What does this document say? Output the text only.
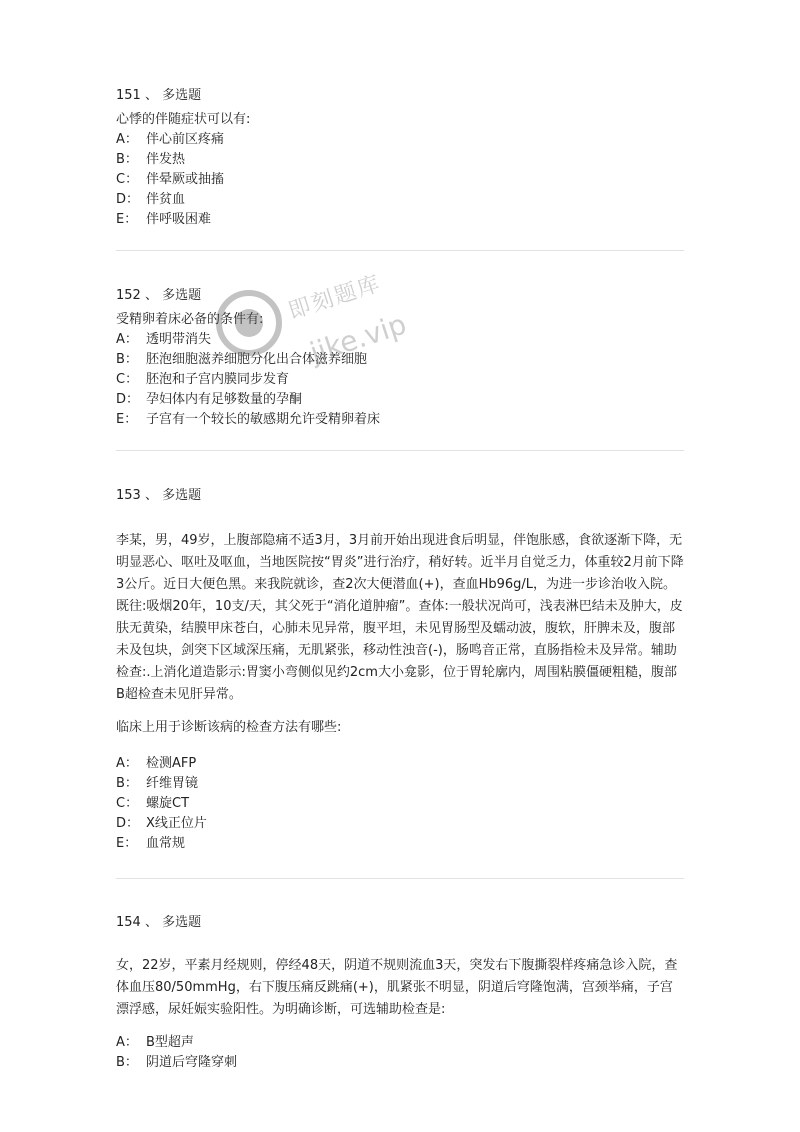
151 、 多选题

心悸的伴随症状可以有:

A： 伴心前区疼痛
B： 伴发热
C： 伴晕厥或抽搐
D： 伴贫血
E： 伴呼吸困难

152 、 多选题

受精卵着床必备的条件有:

A： 透明带消失
B： 胚泡细胞滋养细胞分化出合体滋养细胞
C： 胚泡和子宫内膜同步发育
D： 孕妇体内有足够数量的孕酮
E： 子宫有一个较长的敏感期允许受精卵着床
即刻题库
jike.vip

153 、 多选题

李某，男，49岁，上腹部隐痛不适3月，3月前开始出现进食后明显，伴饱胀感，食欲逐渐下降，无明显恶心、呕吐及呕血，当地医院按“胃炎”进行治疗，稍好转。近半月自觉乏力，体重较2月前下降3公斤。近日大便色黑。来我院就诊，查2次大便潜血(+)，查血Hb96g/L，为进一步诊治收入院。既往:吸烟20年，10支/天，其父死于“消化道肿瘤”。查体:一般状况尚可，浅表淋巴结未及肿大，皮肤无黄染，结膜甲床苍白，心肺未见异常，腹平坦，未见胃肠型及蠕动波，腹软，肝脾未及，腹部未及包块，剑突下区域深压痛，无肌紧张，移动性浊音(-)，肠鸣音正常，直肠指检未及异常。辅助检查:.上消化道造影示:胃窦小弯侧似见约2cm大小龛影，位于胃轮廓内，周围粘膜僵硬粗糙，腹部B超检查未见肝异常。

临床上用于诊断该病的检查方法有哪些:

A： 检测AFP
B： 纤维胃镜
C： 螺旋CT
D： X线正位片
E： 血常规

154 、 多选题

女，22岁，平素月经规则，停经48天，阴道不规则流血3天，突发右下腹撕裂样疼痛急诊入院，查体血压80/50mmHg，右下腹压痛反跳痛(+)，肌紧张不明显，阴道后穹隆饱满，宫颈举痛，子宫漂浮感，尿妊娠实验阳性。为明确诊断，可选辅助检查是:

A： B型超声
B： 阴道后穹隆穿刺
